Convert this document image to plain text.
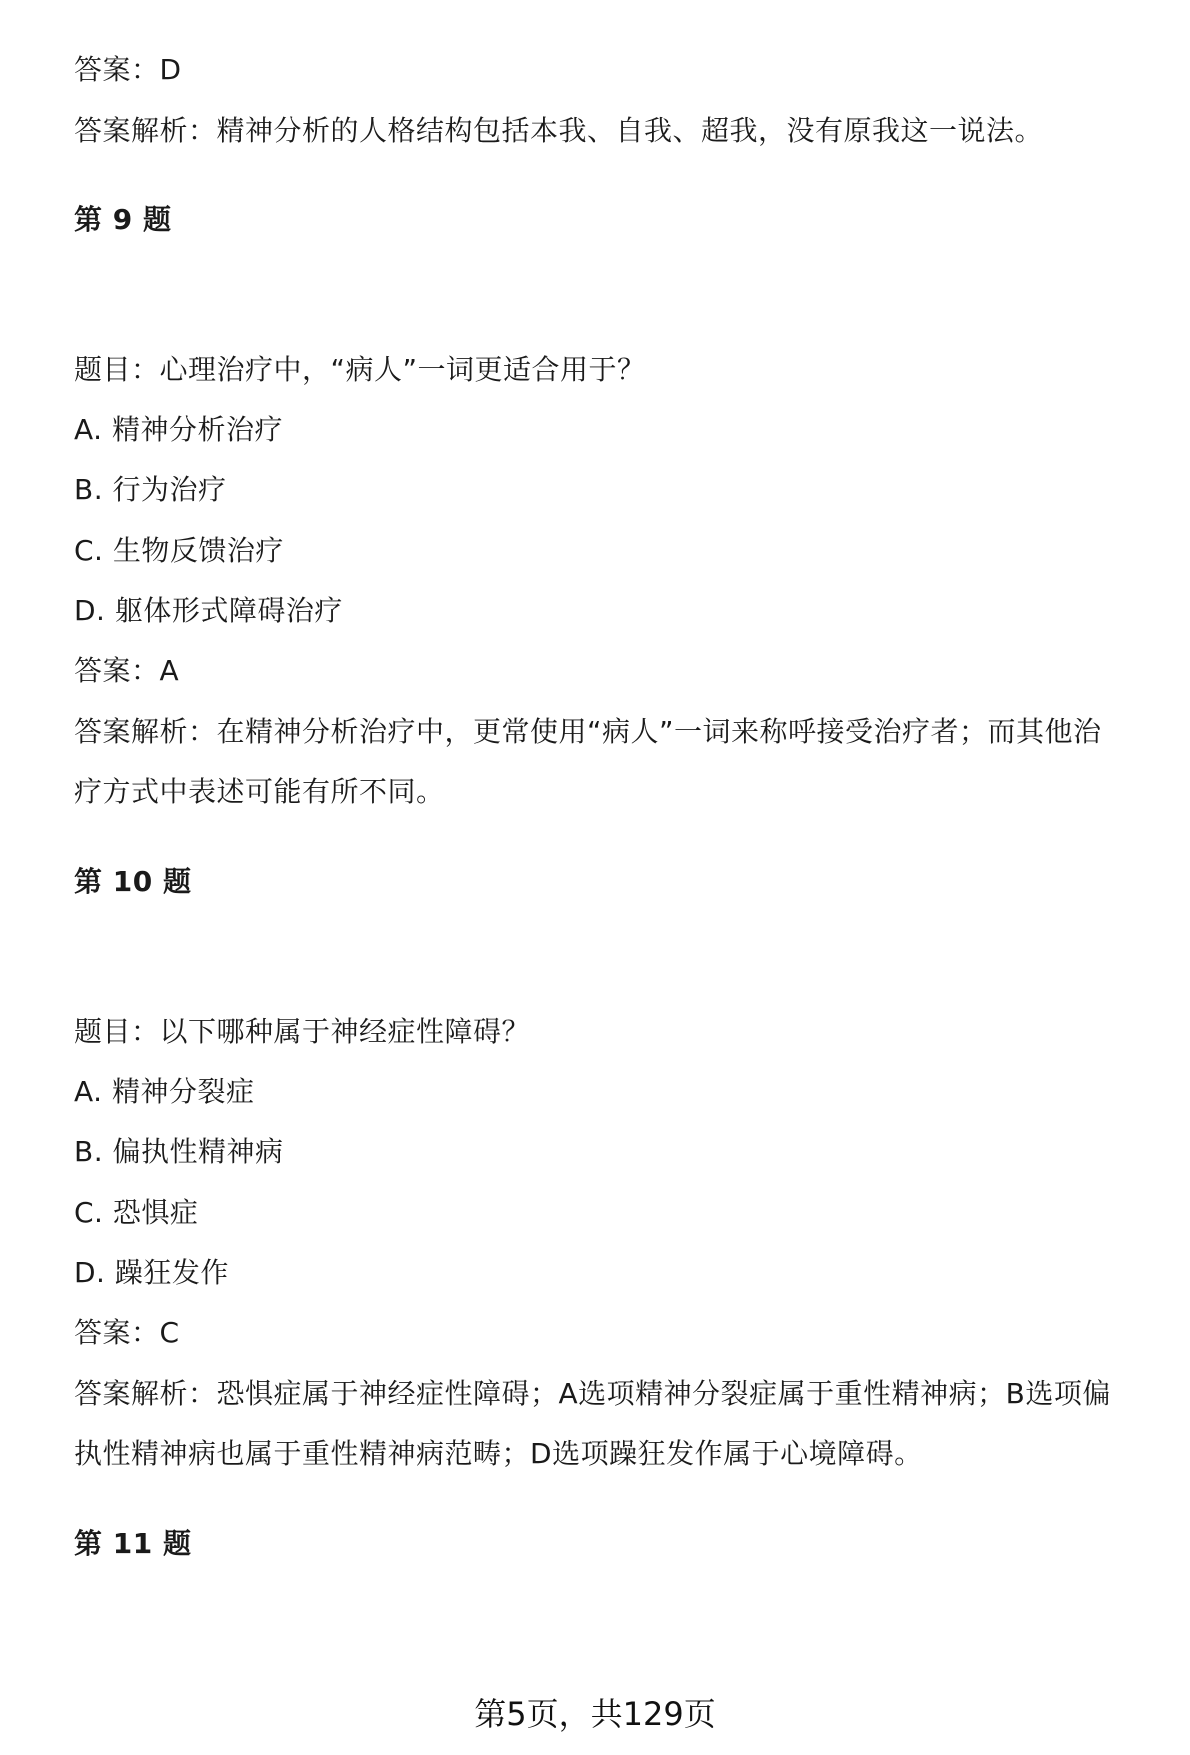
答案：D
答案解析：精神分析的人格结构包括本我、自我、超我，没有原我这一说法。
第 9 题
题目：心理治疗中，“病人”一词更适合用于？
A. 精神分析治疗
B. 行为治疗
C. 生物反馈治疗
D. 躯体形式障碍治疗
答案：A
答案解析：在精神分析治疗中，更常使用“病人”一词来称呼接受治疗者；而其他治
疗方式中表述可能有所不同。
第 10 题
题目：以下哪种属于神经症性障碍？
A. 精神分裂症
B. 偏执性精神病
C. 恐惧症
D. 躁狂发作
答案：C
答案解析：恐惧症属于神经症性障碍；A选项精神分裂症属于重性精神病；B选项偏
执性精神病也属于重性精神病范畴；D选项躁狂发作属于心境障碍。
第 11 题
第5页，共129页
